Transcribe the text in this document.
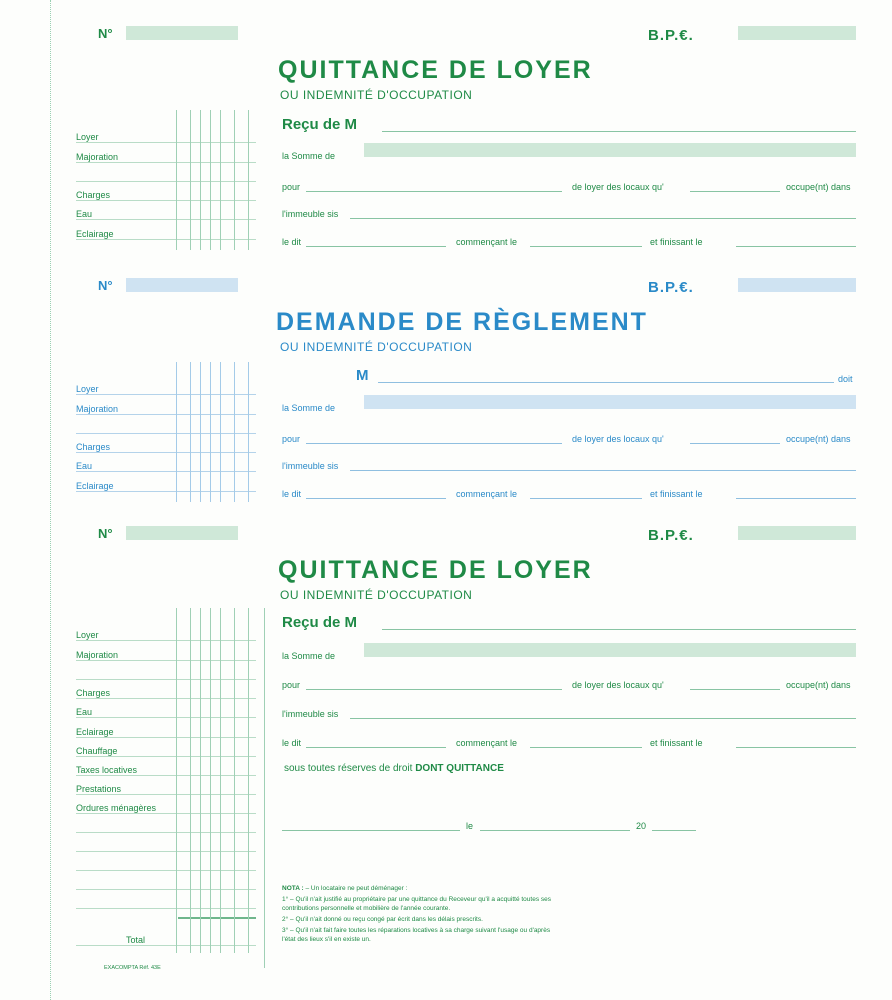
N°	B.P.€.
QUITTANCE DE LOYER
OU INDEMNITÉ D'OCCUPATION
Loyer
Majoration
Charges
Eau
Eclairage
Reçu de M
la Somme de
pour	de loyer des locaux qu'	occupe(nt) dans
l'immeuble sis
le dit	commençant le	et finissant le
N°	B.P.€.
DEMANDE DE RÈGLEMENT
OU INDEMNITÉ D'OCCUPATION
Loyer
Majoration
Charges
Eau
Eclairage
M	doit
la Somme de
pour	de loyer des locaux qu'	occupe(nt) dans
l'immeuble sis
le dit	commençant le	et finissant le
N°	B.P.€.
QUITTANCE DE LOYER
OU INDEMNITÉ D'OCCUPATION
Loyer
Majoration
Charges
Eau
Eclairage
Chauffage
Taxes locatives
Prestations
Ordures ménagères
Total
Reçu de M
la Somme de
pour	de loyer des locaux qu'	occupe(nt) dans
l'immeuble sis
le dit	commençant le	et finissant le
sous toutes réserves de droit DONT QUITTANCE
le	20
NOTA : – Un locataire ne peut déménager :
1° – Qu'il n'ait justifié au propriétaire par une quittance du Receveur qu'il a acquitté toutes ses contributions personnelle et mobilière de l'année courante.
2° – Qu'il n'ait donné ou reçu congé par écrit dans les délais prescrits.
3° – Qu'il n'ait fait faire toutes les réparations locatives à sa charge suivant l'usage ou d'après l'état des lieux s'il en existe un.
EXACOMPTA Réf. 43E
